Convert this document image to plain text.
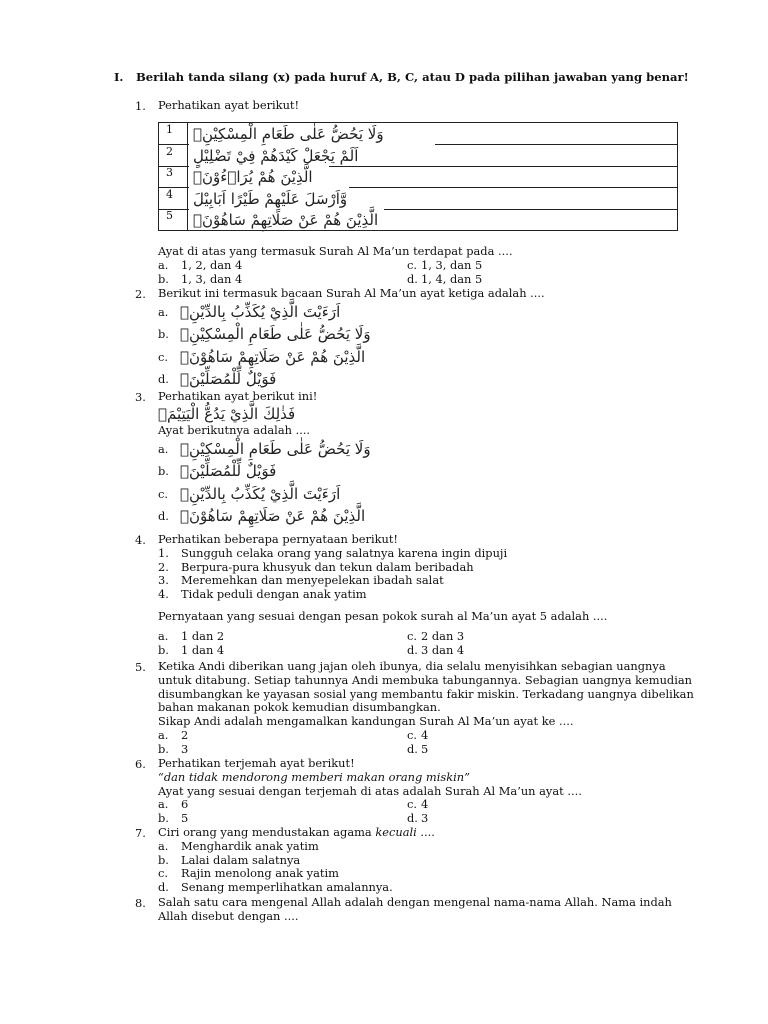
I. Berilah tanda silang (x) pada huruf A, B, C, atau D pada pilihan jawaban yang benar!
1.	Perhatikan ayat berikut!
1	وَلَا يَحُضُّ عَلٰى طَعَامِ الْمِسْكِيْنِۗ
2	اَلَمْ يَجْعَلْ كَيْدَهُمْ فِيْ تَضْلِيْلٍ
3	الَّذِيْنَ هُمْ يُرَاۤءُوْنَۙ
4	وَّاَرْسَلَ عَلَيْهِمْ طَيْرًا اَبَابِيْلَ
5	الَّذِيْنَ هُمْ عَنْ صَلَاتِهِمْ سَاهُوْنَۙ
Ayat di atas yang termasuk Surah Al Ma’un terdapat pada ....
a. 1, 2, dan 4	c. 1, 3, dan 5
b. 1, 3, dan 4	d. 1, 4, dan 5
2.	Berikut ini termasuk bacaan Surah Al Ma’un ayat ketiga adalah ....
a. اَرَءَيْتَ الَّذِيْ يُكَذِّبُ بِالدِّيْنِۗ
b. وَلَا يَحُضُّ عَلٰى طَعَامِ الْمِسْكِيْنِۗ
c. الَّذِيْنَ هُمْ عَنْ صَلَاتِهِمْ سَاهُوْنَۙ
d. فَوَيْلٌ لِّلْمُصَلِّيْنَۙ
3.	Perhatikan ayat berikut ini!
فَذٰلِكَ الَّذِيْ يَدُعُّ الْيَتِيْمَۙ
Ayat berikutnya adalah ....
a. وَلَا يَحُضُّ عَلٰى طَعَامِ الْمِسْكِيْنِۗ
b. فَوَيْلٌ لِّلْمُصَلِّيْنَۙ
c. اَرَءَيْتَ الَّذِيْ يُكَذِّبُ بِالدِّيْنِۗ
d. الَّذِيْنَ هُمْ عَنْ صَلَاتِهِمْ سَاهُوْنَۙ
4.	Perhatikan beberapa pernyataan berikut!
1. Sungguh celaka orang yang salatnya karena ingin dipuji
2. Berpura-pura khusyuk dan tekun dalam beribadah
3. Meremehkan dan menyepelekan ibadah salat
4. Tidak peduli dengan anak yatim
Pernyataan yang sesuai dengan pesan pokok surah al Ma’un ayat 5 adalah ....
a. 1 dan 2	c. 2 dan 3
b. 1 dan 4	d. 3 dan 4
5.	Ketika Andi diberikan uang jajan oleh ibunya, dia selalu menyisihkan sebagian uangnya
untuk ditabung. Setiap tahunnya Andi membuka tabungannya. Sebagian uangnya kemudian
disumbangkan ke yayasan sosial yang membantu fakir miskin. Terkadang uangnya dibelikan
bahan makanan pokok kemudian disumbangkan.
Sikap Andi adalah mengamalkan kandungan Surah Al Ma’un ayat ke ....
a. 2	c. 4
b. 3	d. 5
6.	Perhatikan terjemah ayat berikut!
“dan tidak mendorong memberi makan orang miskin”
Ayat yang sesuai dengan terjemah di atas adalah Surah Al Ma’un ayat ....
a. 6	c. 4
b. 5	d. 3
7.	Ciri orang yang mendustakan agama kecuali ....
a. Menghardik anak yatim
b. Lalai dalam salatnya
c. Rajin menolong anak yatim
d. Senang memperlihatkan amalannya.
8.	Salah satu cara mengenal Allah adalah dengan mengenal nama-nama Allah. Nama indah
Allah disebut dengan ....
